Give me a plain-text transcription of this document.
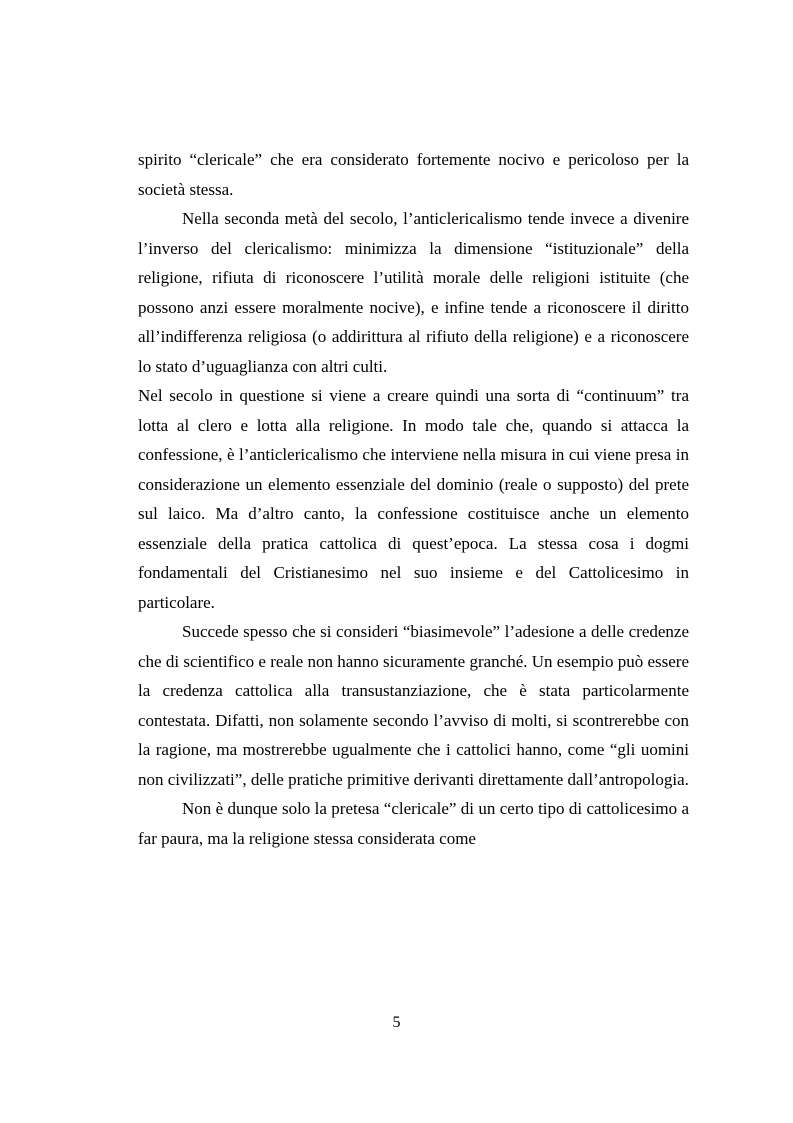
spirito “clericale” che era considerato fortemente nocivo e pericoloso per la società stessa.

Nella seconda metà del secolo, l’anticlericalismo tende invece a divenire l’inverso del clericalismo: minimizza la dimensione “istituzionale” della religione, rifiuta di riconoscere l’utilità morale delle religioni istituite (che possono anzi essere moralmente nocive), e infine tende a riconoscere il diritto all’indifferenza religiosa (o addirittura al rifiuto della religione) e a riconoscere lo stato d’uguaglianza con altri culti.

Nel secolo in questione si viene a creare quindi una sorta di “continuum” tra lotta al clero e lotta alla religione. In modo tale che, quando si attacca la confessione, è l’anticlericalismo che interviene nella misura in cui viene presa in considerazione un elemento essenziale del dominio (reale o supposto) del prete sul laico. Ma d’altro canto, la confessione costituisce anche un elemento essenziale della pratica cattolica di quest’epoca. La stessa cosa i dogmi fondamentali del Cristianesimo nel suo insieme e del Cattolicesimo in particolare.

Succede spesso che si consideri “biasimevole” l’adesione a delle credenze che di scientifico e reale non hanno sicuramente granché. Un esempio può essere la credenza cattolica alla transustanziazione, che è stata particolarmente contestata. Difatti, non solamente secondo l’avviso di molti, si scontrerebbe con la ragione, ma mostrerebbe ugualmente che i cattolici hanno, come “gli uomini non civilizzati”, delle pratiche primitive derivanti direttamente dall’antropologia.

Non è dunque solo la pretesa “clericale” di un certo tipo di cattolicesimo a far paura, ma la religione stessa considerata come

5
